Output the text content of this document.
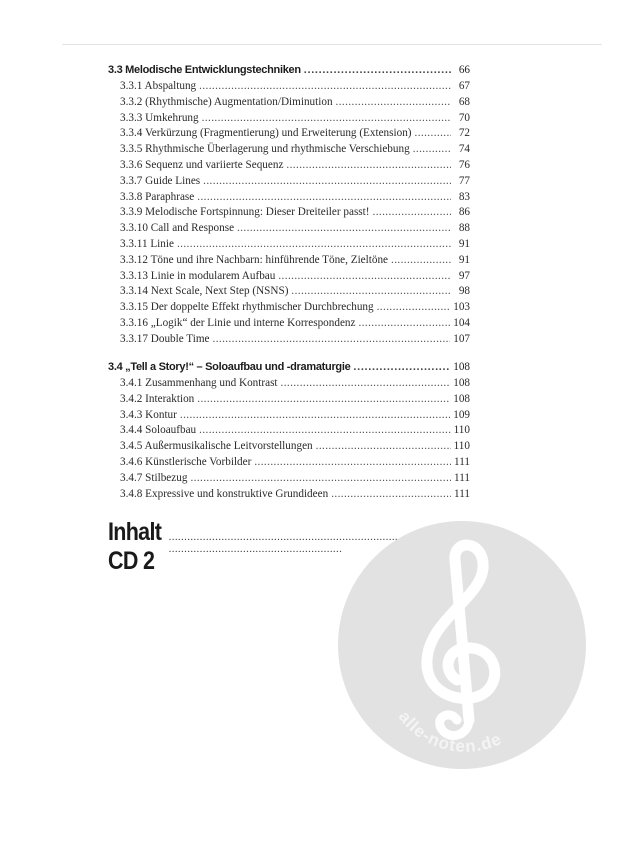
3.3 Melodische Entwicklungstechniken . . .	66
3.3.1 Abspaltung . . .	67
3.3.2 (Rhythmische) Augmentation/Diminution . . .	68
3.3.3 Umkehrung . . .	70
3.3.4 Verkürzung (Fragmentierung) und Erweiterung (Extension) . . .	72
3.3.5 Rhythmische Überlagerung und rhythmische Verschiebung . . .	74
3.3.6 Sequenz und variierte Sequenz . . .	76
3.3.7 Guide Lines . . .	77
3.3.8 Paraphrase . . .	83
3.3.9 Melodische Fortspinnung: Dieser Dreiteiler passt! . . .	86
3.3.10 Call and Response . . .	88
3.3.11 Linie . . .	91
3.3.12 Töne und ihre Nachbarn: hinführende Töne, Zieltöne . . .	91
3.3.13 Linie in modularem Aufbau . . .	97
3.3.14 Next Scale, Next Step (NSNS) . . .	98
3.3.15 Der doppelte Effekt rhythmischer Durchbrechung . . .	103
3.3.16 „Logik“ der Linie und interne Korrespondenz . . .	104
3.3.17 Double Time . . .	107
3.4 „Tell a Story!“ – Soloaufbau und -dramaturgie . . .	108
3.4.1 Zusammenhang und Kontrast . . .	108
3.4.2 Interaktion . . .	108
3.4.3 Kontur . . .	109
3.4.4 Soloaufbau . . .	110
3.4.5 Außermusikalische Leitvorstellungen . . .	110
3.4.6 Künstlerische Vorbilder . . .	111
3.4.7 Stilbezug . . .	111
3.4.8 Expressive und konstruktive Grundideen . . .	111
Inhalt CD 2
. . .
alle-noten.de
